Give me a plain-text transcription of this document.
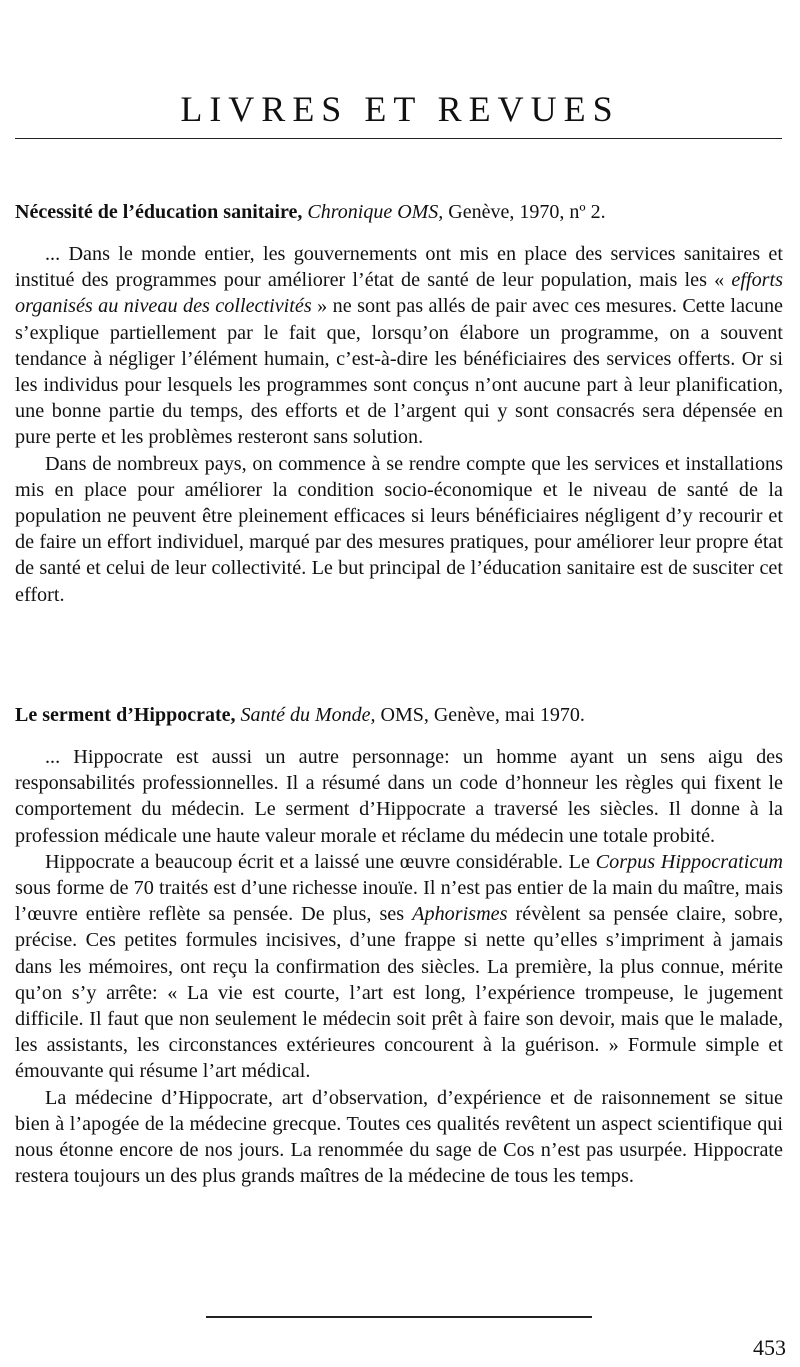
LIVRES ET REVUES

Nécessité de l’éducation sanitaire, Chronique OMS, Genève, 1970, nº 2.

... Dans le monde entier, les gouvernements ont mis en place des services sanitaires et institué des programmes pour améliorer l’état de santé de leur population, mais les « efforts organisés au niveau des collectivités » ne sont pas allés de pair avec ces mesures. Cette lacune s’explique partiellement par le fait que, lorsqu’on élabore un programme, on a souvent tendance à négliger l’élément humain, c’est-à-dire les bénéficiaires des services offerts. Or si les individus pour lesquels les programmes sont conçus n’ont aucune part à leur planification, une bonne partie du temps, des efforts et de l’argent qui y sont consacrés sera dépensée en pure perte et les problèmes resteront sans solution.

Dans de nombreux pays, on commence à se rendre compte que les services et installations mis en place pour améliorer la condition socio-économique et le niveau de santé de la population ne peuvent être pleinement efficaces si leurs bénéficiaires négligent d’y recourir et de faire un effort individuel, marqué par des mesures pratiques, pour améliorer leur propre état de santé et celui de leur collectivité. Le but principal de l’éducation sanitaire est de susciter cet effort.

Le serment d’Hippocrate, Santé du Monde, OMS, Genève, mai 1970.

... Hippocrate est aussi un autre personnage: un homme ayant un sens aigu des responsabilités professionnelles. Il a résumé dans un code d’honneur les règles qui fixent le comportement du médecin. Le serment d’Hippocrate a traversé les siècles. Il donne à la profession médicale une haute valeur morale et réclame du médecin une totale probité.

Hippocrate a beaucoup écrit et a laissé une œuvre considérable. Le Corpus Hippocraticum sous forme de 70 traités est d’une richesse inouïe. Il n’est pas entier de la main du maître, mais l’œuvre entière reflète sa pensée. De plus, ses Aphorismes révèlent sa pensée claire, sobre, précise. Ces petites formules incisives, d’une frappe si nette qu’elles s’impriment à jamais dans les mémoires, ont reçu la confirmation des siècles. La première, la plus connue, mérite qu’on s’y arrête: « La vie est courte, l’art est long, l’expérience trompeuse, le jugement difficile. Il faut que non seulement le médecin soit prêt à faire son devoir, mais que le malade, les assistants, les circonstances extérieures concourent à la guérison. » Formule simple et émouvante qui résume l’art médical.

La médecine d’Hippocrate, art d’observation, d’expérience et de raisonnement se situe bien à l’apogée de la médecine grecque. Toutes ces qualités revêtent un aspect scientifique qui nous étonne encore de nos jours. La renommée du sage de Cos n’est pas usurpée. Hippocrate restera toujours un des plus grands maîtres de la médecine de tous les temps.

453
